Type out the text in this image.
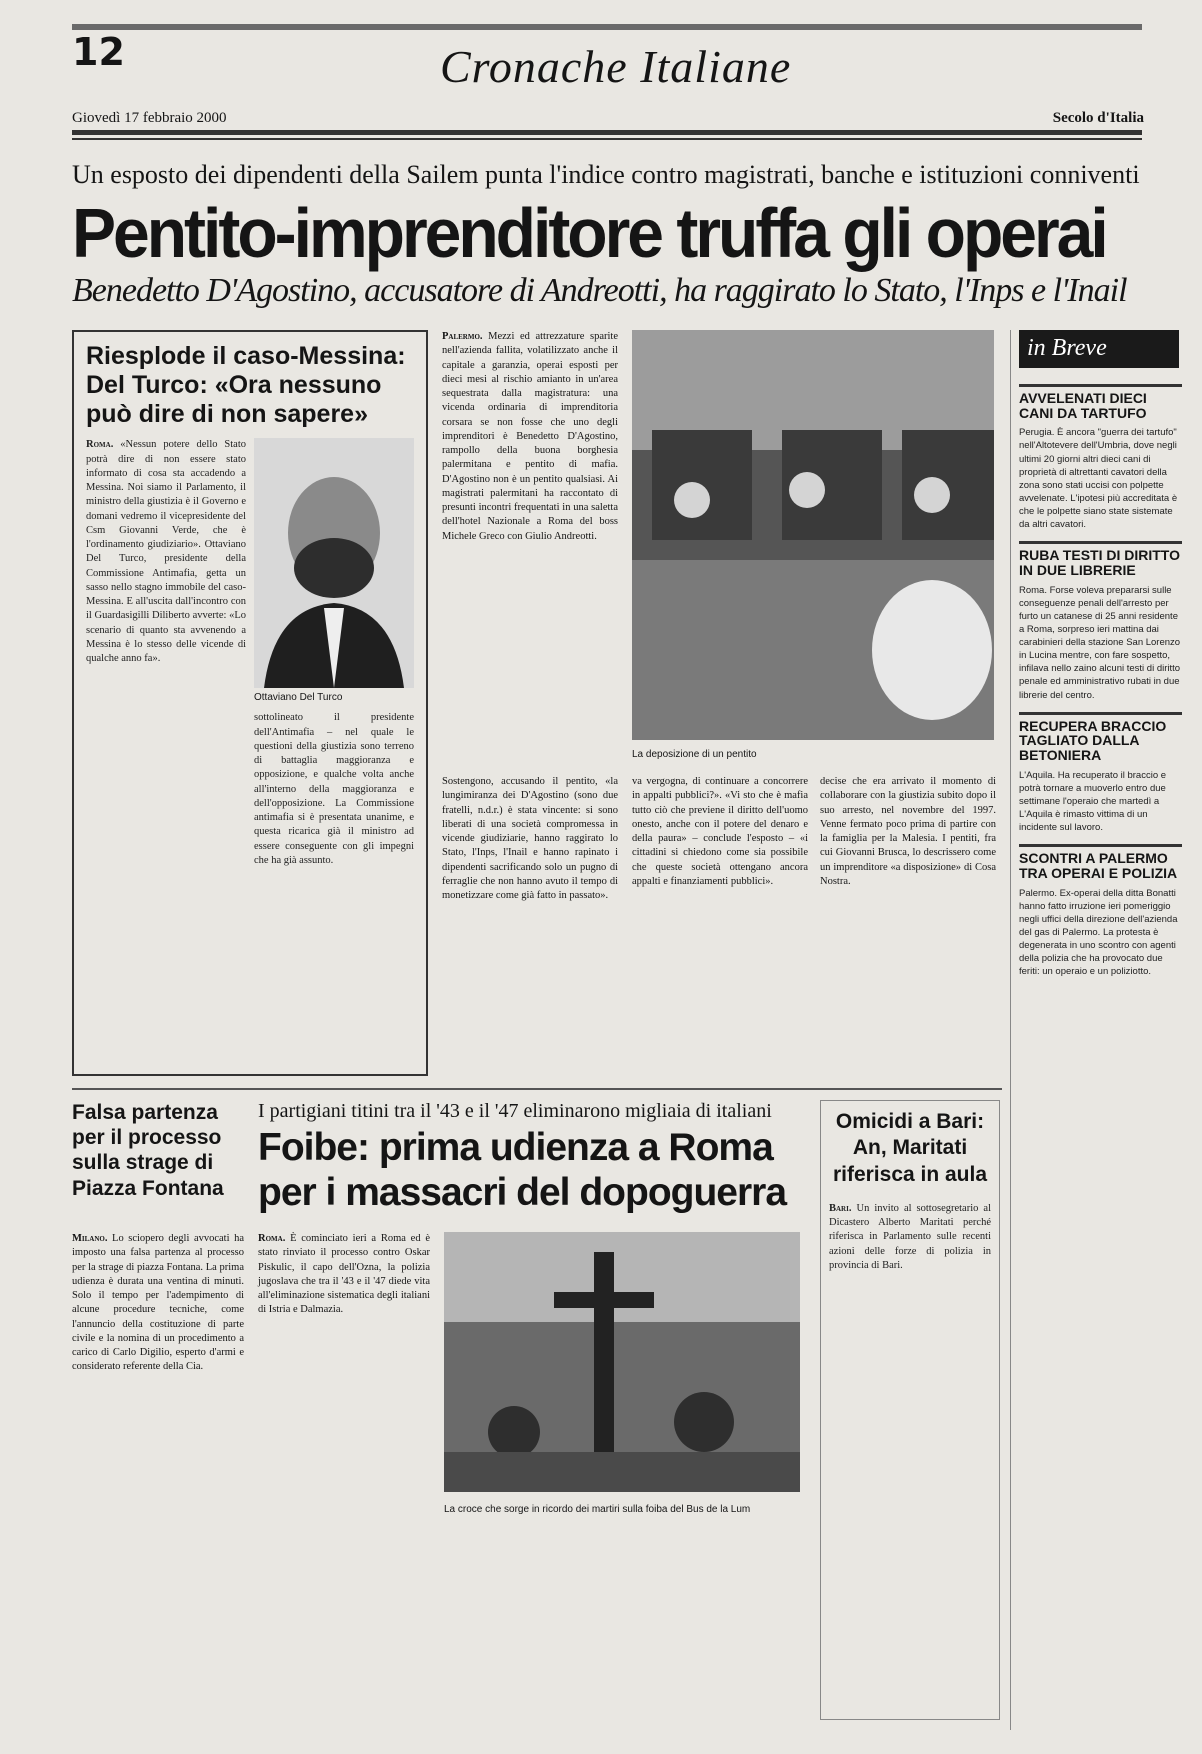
12	Cronache Italiane
Giovedì 17 febbraio 2000	Secolo d'Italia
Un esposto dei dipendenti della Sailem punta l'indice contro magistrati, banche e istituzioni conniventi
Pentito-imprenditore truffa gli operai
Benedetto D'Agostino, accusatore di Andreotti, ha raggirato lo Stato, l'Inps e l'Inail
Riesplode il caso-Messina: Del Turco: «Ora nessuno può dire di non sapere»
Roma. «Nessun potere dello Stato potrà dire di non essere stato informato di cosa sta accadendo a Messina. Noi siamo il Parlamento, il ministro della giustizia è il Governo e domani vedremo il vicepresidente del Csm Giovanni Verde, che è l'ordinamento giudiziario». Ottaviano Del Turco, presidente della Commissione Antimafia, getta un sasso nello stagno immobile del caso-Messina. E all'uscita dall'incontro con il Guardasigilli Diliberto avverte: «Lo scenario di quanto sta avvenendo a Messina è lo stesso delle vicende di qualche anno fa».
Ottaviano Del Turco
sottolineato il presidente dell'Antimafia – nel quale le questioni della giustizia sono terreno di battaglia maggioranza e opposizione, e qualche volta anche all'interno della maggioranza e dell'opposizione. La Commissione antimafia si è presentata unanime, e questa ricarica già il ministro ad essere conseguente con gli impegni che ha già assunto.
Palermo. Mezzi ed attrezzature sparite nell'azienda fallita, volatilizzato anche il capitale a garanzia, operai esposti per dieci mesi al rischio amianto in un'area sequestrata dalla magistratura: una vicenda ordinaria di imprenditoria corsara se non fosse che uno degli imprenditori è Benedetto D'Agostino, rampollo della buona borghesia palermitana e pentito di mafia. D'Agostino non è un pentito qualsiasi. Ai magistrati palermitani ha raccontato di presunti incontri frequentati in una saletta dell'hotel Nazionale a Roma del boss Michele Greco con Giulio Andreotti.
La deposizione di un pentito
Sostengono, accusando il pentito, «la lungimiranza dei D'Agostino (sono due fratelli, n.d.r.) è stata vincente: si sono liberati di una società compromessa in vicende giudiziarie, hanno raggirato lo Stato, l'Inps, l'Inail e hanno rapinato i dipendenti sacrificando solo un pugno di ferraglie che non hanno avuto il tempo di monetizzare come già fatto in passato».
va vergogna, di continuare a concorrere in appalti pubblici?». «Vi sto che è mafia tutto ciò che previene il diritto dell'uomo onesto, anche con il potere del denaro e della paura» – conclude l'esposto – «i cittadini si chiedono come sia possibile che queste società ottengano ancora appalti e finanziamenti pubblici».
decise che era arrivato il momento di collaborare con la giustizia subito dopo il suo arresto, nel novembre del 1997. Venne fermato poco prima di partire con la famiglia per la Malesia. I pentiti, fra cui Giovanni Brusca, lo descrissero come un imprenditore «a disposizione» di Cosa Nostra.
in Breve
AVVELENATI DIECI CANI DA TARTUFO
Perugia. È ancora "guerra dei tartufo" nell'Altotevere dell'Umbria, dove negli ultimi 20 giorni altri dieci cani di proprietà di altrettanti cavatori della zona sono stati uccisi con polpette avvelenate. L'ipotesi più accreditata è che le polpette siano state sistemate da altri cavatori.
RUBA TESTI DI DIRITTO IN DUE LIBRERIE
Roma. Forse voleva prepararsi sulle conseguenze penali dell'arresto per furto un catanese di 25 anni residente a Roma, sorpreso ieri mattina dai carabinieri della stazione San Lorenzo in Lucina mentre, con fare sospetto, infilava nello zaino alcuni testi di diritto penale ed amministrativo rubati in due librerie del centro.
RECUPERA BRACCIO TAGLIATO DALLA BETONIERA
L'Aquila. Ha recuperato il braccio e potrà tornare a muoverlo entro due settimane l'operaio che martedì a L'Aquila è rimasto vittima di un incidente sul lavoro.
SCONTRI A PALERMO TRA OPERAI E POLIZIA
Palermo. Ex-operai della ditta Bonatti hanno fatto irruzione ieri pomeriggio negli uffici della direzione dell'azienda del gas di Palermo. La protesta è degenerata in uno scontro con agenti della polizia che ha provocato due feriti: un operaio e un poliziotto.
Falsa partenza per il processo sulla strage di Piazza Fontana
Milano. Lo sciopero degli avvocati ha imposto una falsa partenza al processo per la strage di piazza Fontana. La prima udienza è durata una ventina di minuti. Solo il tempo per l'adempimento di alcune procedure tecniche, come l'annuncio della costituzione di parte civile e la nomina di un procedimento a carico di Carlo Digilio, esperto d'armi e considerato referente della Cia.
I partigiani titini tra il '43 e il '47 eliminarono migliaia di italiani
Foibe: prima udienza a Roma per i massacri del dopoguerra
Roma. È cominciato ieri a Roma ed è stato rinviato il processo contro Oskar Piskulic, il capo dell'Ozna, la polizia jugoslava che tra il '43 e il '47 diede vita all'eliminazione sistematica degli italiani di Istria e Dalmazia.
La croce che sorge in ricordo dei martiri sulla foiba del Bus de la Lum
Omicidi a Bari: An, Maritati riferisca in aula
Bari. Un invito al sottosegretario al Dicastero Alberto Maritati perché riferisca in Parlamento sulle recenti azioni delle forze di polizia in provincia di Bari.
